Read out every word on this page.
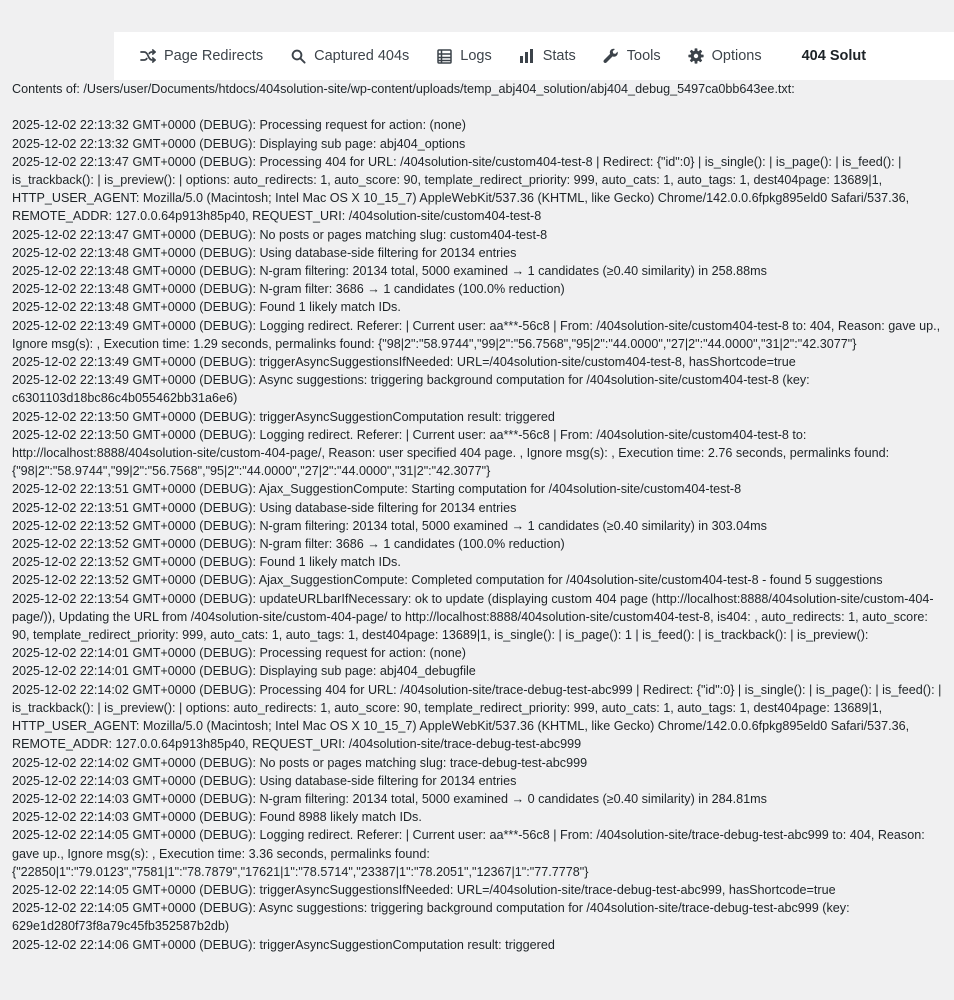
Page Redirects	Captured 404s	Logs	Stats	Tools	Options	404 Solut
Contents of: /Users/user/Documents/htdocs/404solution-site/wp-content/uploads/temp_abj404_solution/abj404_debug_5497ca0bb643ee.txt:
2025-12-02 22:13:32 GMT+0000 (DEBUG): Processing request for action: (none)
2025-12-02 22:13:32 GMT+0000 (DEBUG): Displaying sub page: abj404_options
2025-12-02 22:13:47 GMT+0000 (DEBUG): Processing 404 for URL: /404solution-site/custom404-test-8 | Redirect: {"id":0} | is_single(): | is_page(): | is_feed(): | is_trackback(): | is_preview(): | options: auto_redirects: 1, auto_score: 90, template_redirect_priority: 999, auto_cats: 1, auto_tags: 1, dest404page: 13689|1, HTTP_USER_AGENT: Mozilla/5.0 (Macintosh; Intel Mac OS X 10_15_7) AppleWebKit/537.36 (KHTML, like Gecko) Chrome/142.0.0.6fpkg895eld0 Safari/537.36, REMOTE_ADDR: 127.0.0.64p913h85p40, REQUEST_URI: /404solution-site/custom404-test-8
2025-12-02 22:13:47 GMT+0000 (DEBUG): No posts or pages matching slug: custom404-test-8
2025-12-02 22:13:48 GMT+0000 (DEBUG): Using database-side filtering for 20134 entries
2025-12-02 22:13:48 GMT+0000 (DEBUG): N-gram filtering: 20134 total, 5000 examined → 1 candidates (≥0.40 similarity) in 258.88ms
2025-12-02 22:13:48 GMT+0000 (DEBUG): N-gram filter: 3686 → 1 candidates (100.0% reduction)
2025-12-02 22:13:48 GMT+0000 (DEBUG): Found 1 likely match IDs.
2025-12-02 22:13:49 GMT+0000 (DEBUG): Logging redirect. Referer: | Current user: aa***-56c8 | From: /404solution-site/custom404-test-8 to: 404, Reason: gave up., Ignore msg(s): , Execution time: 1.29 seconds, permalinks found: {"98|2":"58.9744","99|2":"56.7568","95|2":"44.0000","27|2":"44.0000","31|2":"42.3077"}
2025-12-02 22:13:49 GMT+0000 (DEBUG): triggerAsyncSuggestionsIfNeeded: URL=/404solution-site/custom404-test-8, hasShortcode=true
2025-12-02 22:13:49 GMT+0000 (DEBUG): Async suggestions: triggering background computation for /404solution-site/custom404-test-8 (key: c6301103d18bc86c4b055462bb31a6e6)
2025-12-02 22:13:50 GMT+0000 (DEBUG): triggerAsyncSuggestionComputation result: triggered
2025-12-02 22:13:50 GMT+0000 (DEBUG): Logging redirect. Referer: | Current user: aa***-56c8 | From: /404solution-site/custom404-test-8 to: http://localhost:8888/404solution-site/custom-404-page/, Reason: user specified 404 page. , Ignore msg(s): , Execution time: 2.76 seconds, permalinks found: {"98|2":"58.9744","99|2":"56.7568","95|2":"44.0000","27|2":"44.0000","31|2":"42.3077"}
2025-12-02 22:13:51 GMT+0000 (DEBUG): Ajax_SuggestionCompute: Starting computation for /404solution-site/custom404-test-8
2025-12-02 22:13:51 GMT+0000 (DEBUG): Using database-side filtering for 20134 entries
2025-12-02 22:13:52 GMT+0000 (DEBUG): N-gram filtering: 20134 total, 5000 examined → 1 candidates (≥0.40 similarity) in 303.04ms
2025-12-02 22:13:52 GMT+0000 (DEBUG): N-gram filter: 3686 → 1 candidates (100.0% reduction)
2025-12-02 22:13:52 GMT+0000 (DEBUG): Found 1 likely match IDs.
2025-12-02 22:13:52 GMT+0000 (DEBUG): Ajax_SuggestionCompute: Completed computation for /404solution-site/custom404-test-8 - found 5 suggestions
2025-12-02 22:13:54 GMT+0000 (DEBUG): updateURLbarIfNecessary: ok to update (displaying custom 404 page (http://localhost:8888/404solution-site/custom-404-page/)), Updating the URL from /404solution-site/custom-404-page/ to http://localhost:8888/404solution-site/custom404-test-8, is404: , auto_redirects: 1, auto_score: 90, template_redirect_priority: 999, auto_cats: 1, auto_tags: 1, dest404page: 13689|1, is_single(): | is_page(): 1 | is_feed(): | is_trackback(): | is_preview():
2025-12-02 22:14:01 GMT+0000 (DEBUG): Processing request for action: (none)
2025-12-02 22:14:01 GMT+0000 (DEBUG): Displaying sub page: abj404_debugfile
2025-12-02 22:14:02 GMT+0000 (DEBUG): Processing 404 for URL: /404solution-site/trace-debug-test-abc999 | Redirect: {"id":0} | is_single(): | is_page(): | is_feed(): | is_trackback(): | is_preview(): | options: auto_redirects: 1, auto_score: 90, template_redirect_priority: 999, auto_cats: 1, auto_tags: 1, dest404page: 13689|1, HTTP_USER_AGENT: Mozilla/5.0 (Macintosh; Intel Mac OS X 10_15_7) AppleWebKit/537.36 (KHTML, like Gecko) Chrome/142.0.0.6fpkg895eld0 Safari/537.36, REMOTE_ADDR: 127.0.0.64p913h85p40, REQUEST_URI: /404solution-site/trace-debug-test-abc999
2025-12-02 22:14:02 GMT+0000 (DEBUG): No posts or pages matching slug: trace-debug-test-abc999
2025-12-02 22:14:03 GMT+0000 (DEBUG): Using database-side filtering for 20134 entries
2025-12-02 22:14:03 GMT+0000 (DEBUG): N-gram filtering: 20134 total, 5000 examined → 0 candidates (≥0.40 similarity) in 284.81ms
2025-12-02 22:14:03 GMT+0000 (DEBUG): Found 8988 likely match IDs.
2025-12-02 22:14:05 GMT+0000 (DEBUG): Logging redirect. Referer: | Current user: aa***-56c8 | From: /404solution-site/trace-debug-test-abc999 to: 404, Reason: gave up., Ignore msg(s): , Execution time: 3.36 seconds, permalinks found: {"22850|1":"79.0123","7581|1":"78.7879","17621|1":"78.5714","23387|1":"78.2051","12367|1":"77.7778"}
2025-12-02 22:14:05 GMT+0000 (DEBUG): triggerAsyncSuggestionsIfNeeded: URL=/404solution-site/trace-debug-test-abc999, hasShortcode=true
2025-12-02 22:14:05 GMT+0000 (DEBUG): Async suggestions: triggering background computation for /404solution-site/trace-debug-test-abc999 (key: 629e1d280f73f8a79c45fb352587b2db)
2025-12-02 22:14:06 GMT+0000 (DEBUG): triggerAsyncSuggestionComputation result: triggered
